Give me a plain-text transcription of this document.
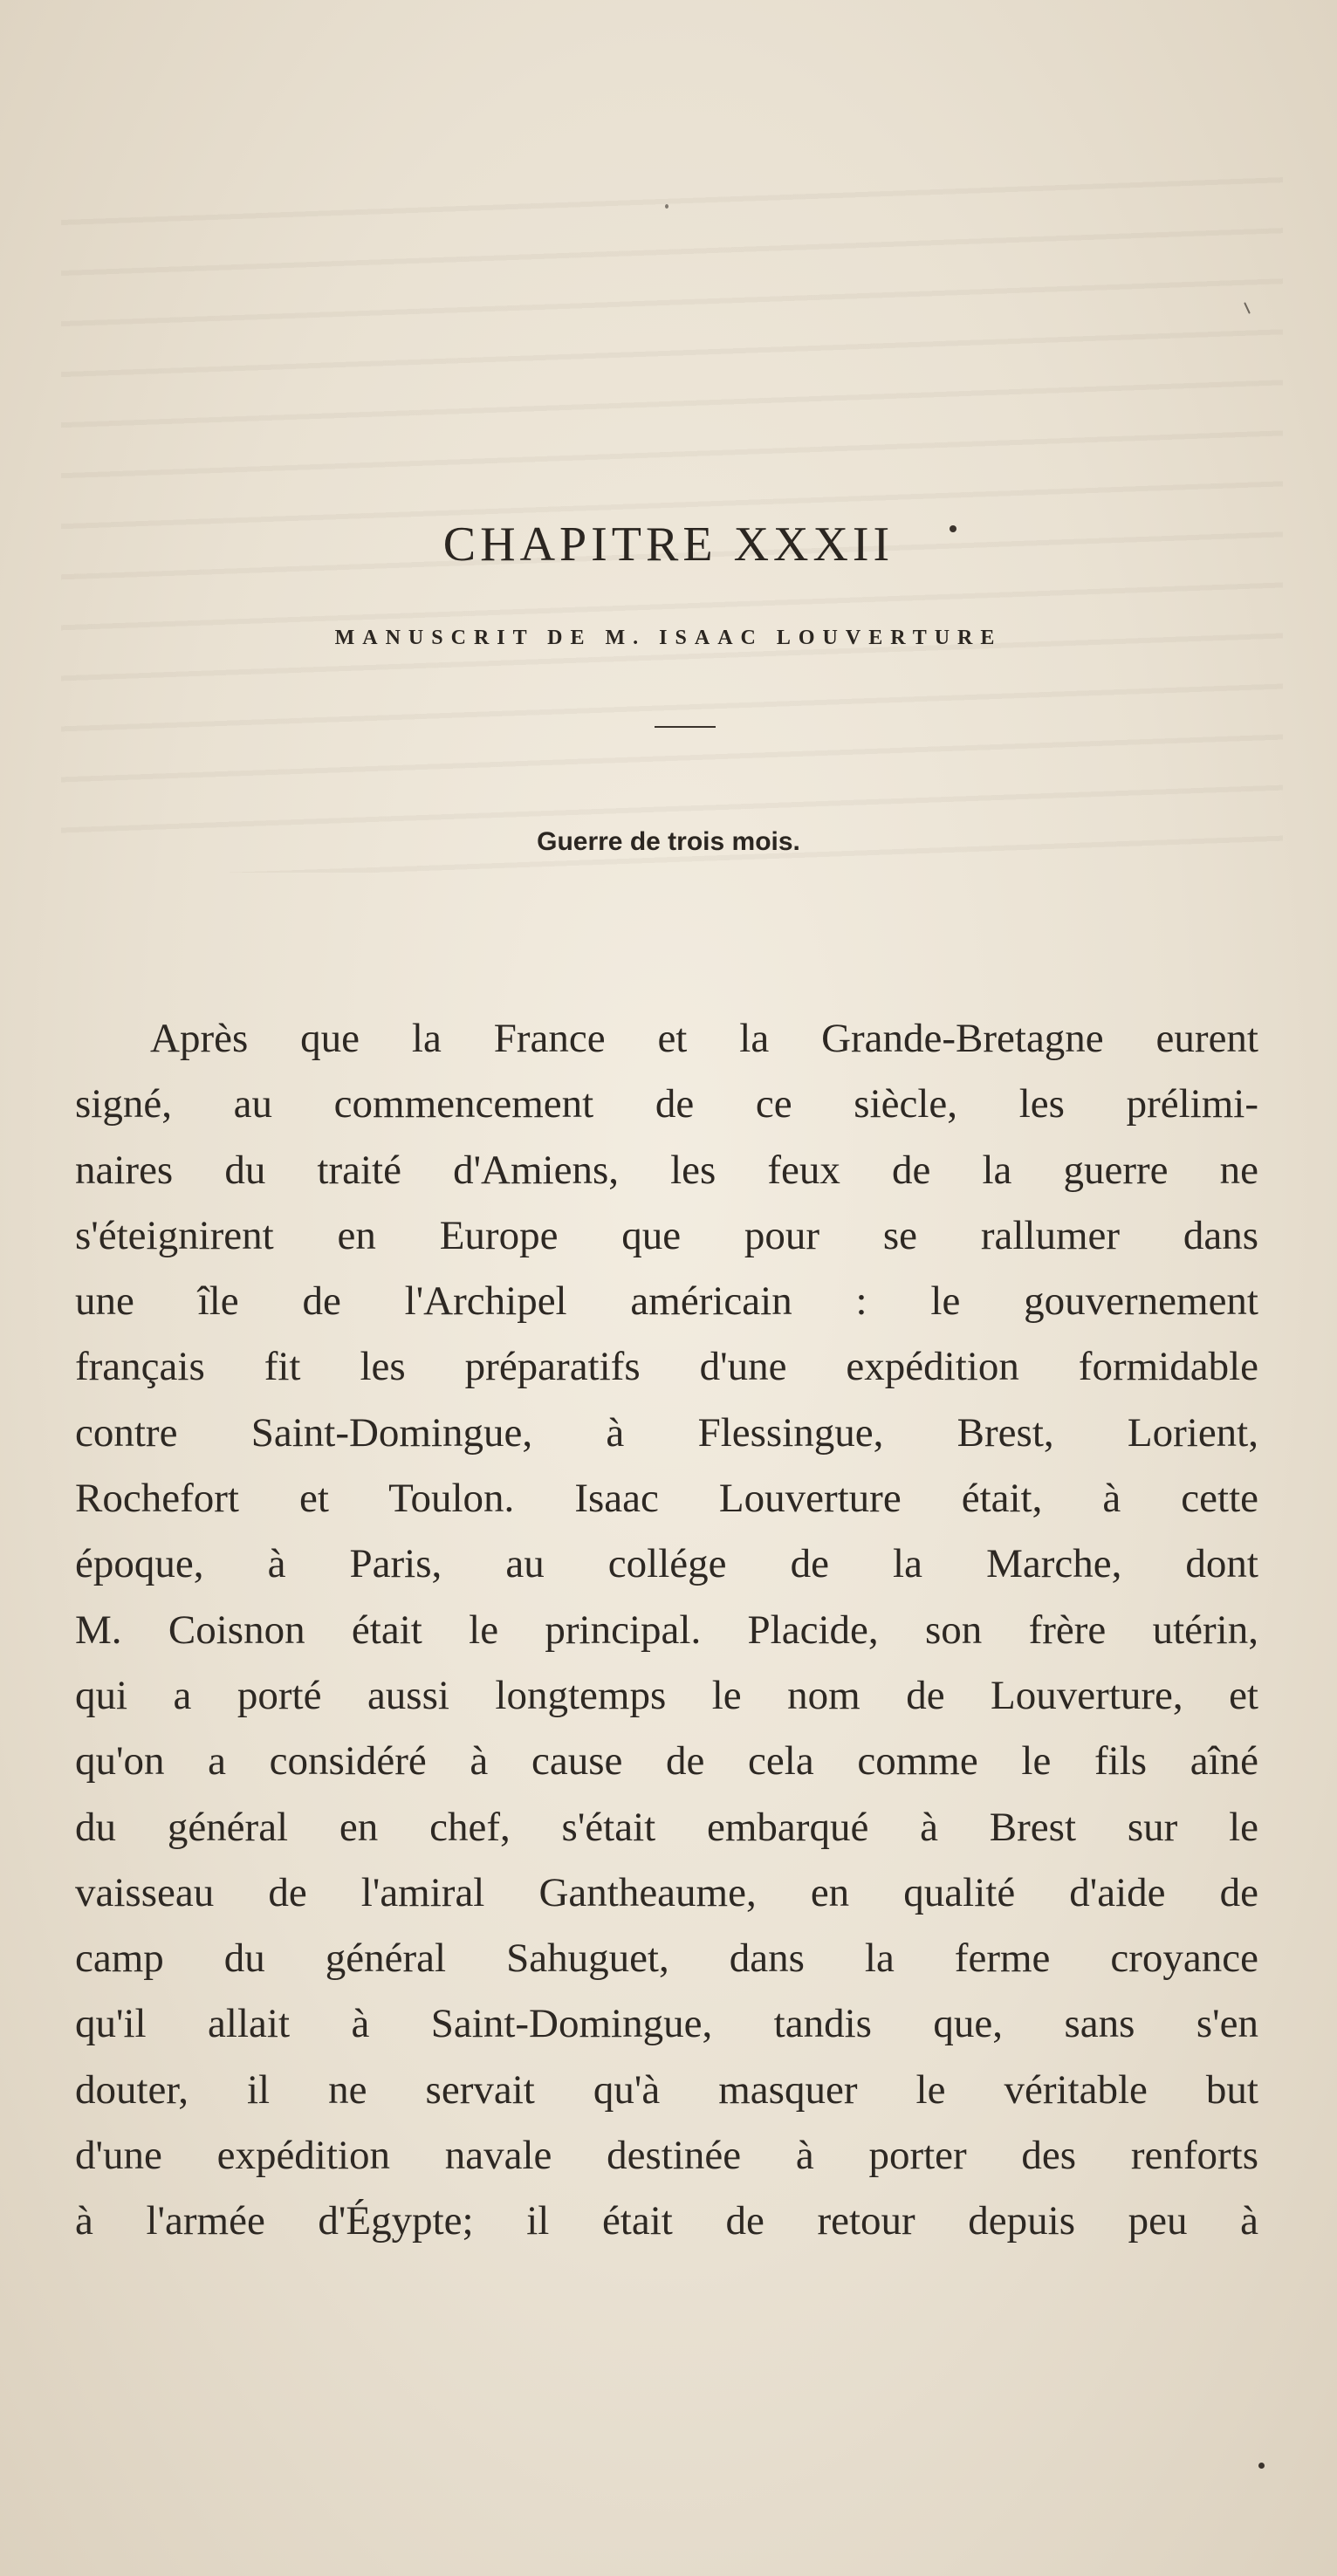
CHAPITRE XXXII
MANUSCRIT DE M. ISAAC LOUVERTURE
Guerre de trois mois.
Après que la France et la Grande-Bretagne eurent
signé, au commencement de ce siècle, les prélimi-
naires du traité d'Amiens, les feux de la guerre ne
s'éteignirent en Europe que pour se rallumer dans
une île de l'Archipel américain : le gouvernement
français fit les préparatifs d'une expédition formidable
contre Saint-Domingue, à Flessingue, Brest, Lorient,
Rochefort et Toulon. Isaac Louverture était, à cette
époque, à Paris, au collége de la Marche, dont
M. Coisnon était le principal. Placide, son frère utérin,
qui a porté aussi longtemps le nom de Louverture, et
qu'on a considéré à cause de cela comme le fils aîné
du général en chef, s'était embarqué à Brest sur le
vaisseau de l'amiral Gantheaume, en qualité d'aide de
camp du général Sahuguet, dans la ferme croyance
qu'il allait à Saint-Domingue, tandis que, sans s'en
douter, il ne servait qu'à masquer le véritable but
d'une expédition navale destinée à porter des renforts
à l'armée d'Égypte; il était de retour depuis peu à
